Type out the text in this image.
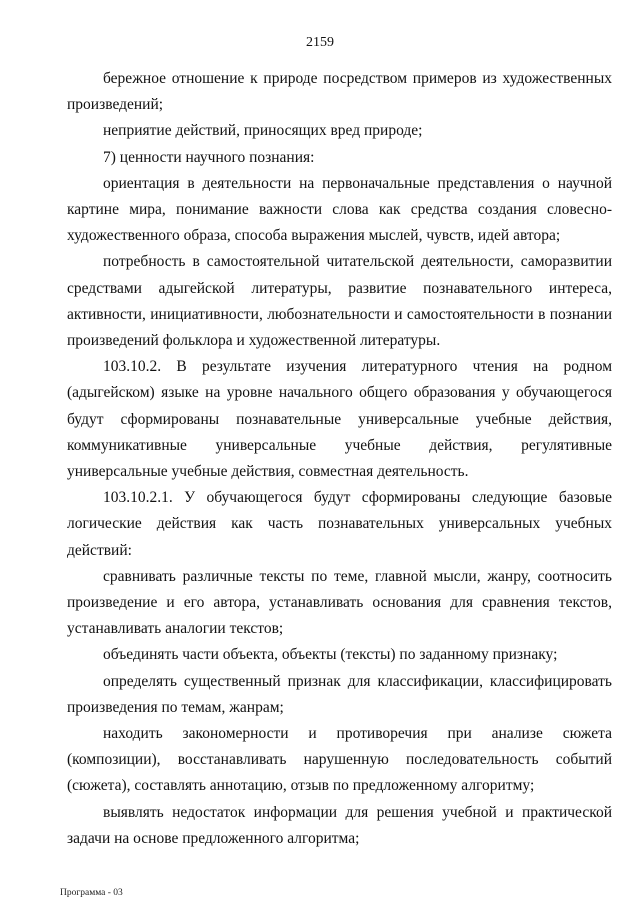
2159

бережное отношение к природе посредством примеров из художественных произведений;

неприятие действий, приносящих вред природе;

7) ценности научного познания:

ориентация в деятельности на первоначальные представления о научной картине мира, понимание важности слова как средства создания словесно-художественного образа, способа выражения мыслей, чувств, идей автора;

потребность в самостоятельной читательской деятельности, саморазвитии средствами адыгейской литературы, развитие познавательного интереса, активности, инициативности, любознательности и самостоятельности в познании произведений фольклора и художественной литературы.

103.10.2. В результате изучения литературного чтения на родном (адыгейском) языке на уровне начального общего образования у обучающегося будут сформированы познавательные универсальные учебные действия, коммуникативные универсальные учебные действия, регулятивные универсальные учебные действия, совместная деятельность.

103.10.2.1. У обучающегося будут сформированы следующие базовые логические действия как часть познавательных универсальных учебных действий:

сравнивать различные тексты по теме, главной мысли, жанру, соотносить произведение и его автора, устанавливать основания для сравнения текстов, устанавливать аналогии текстов;

объединять части объекта, объекты (тексты) по заданному признаку;

определять существенный признак для классификации, классифицировать произведения по темам, жанрам;

находить закономерности и противоречия при анализе сюжета (композиции), восстанавливать нарушенную последовательность событий (сюжета), составлять аннотацию, отзыв по предложенному алгоритму;

выявлять недостаток информации для решения учебной и практической задачи на основе предложенного алгоритма;

Программа - 03
